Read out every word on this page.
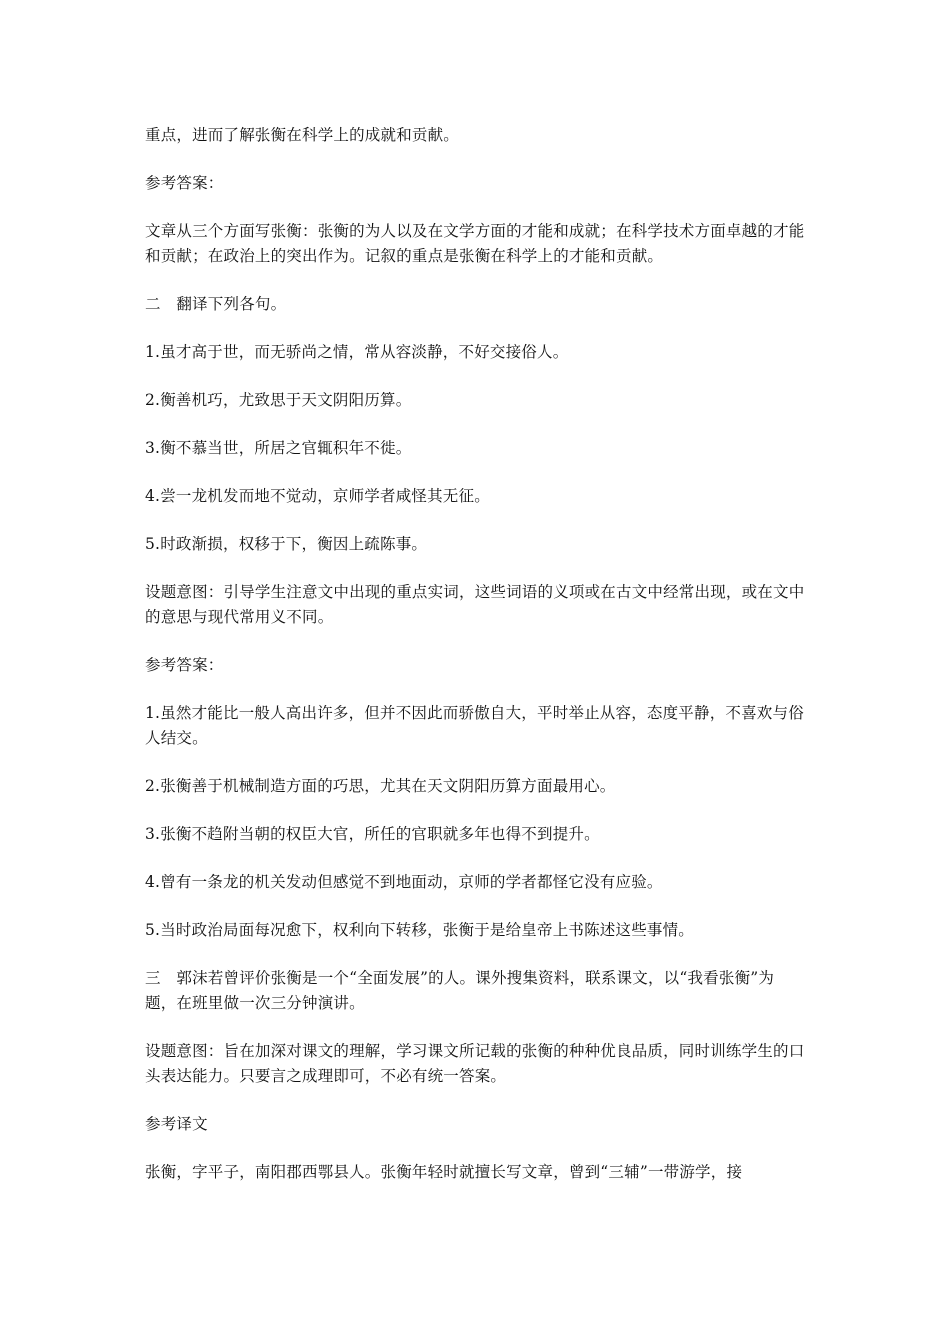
重点，进而了解张衡在科学上的成就和贡献。

参考答案：

文章从三个方面写张衡：张衡的为人以及在文学方面的才能和成就；在科学技术方面卓越的才能和贡献；在政治上的突出作为。记叙的重点是张衡在科学上的才能和贡献。

二　翻译下列各句。

1.虽才高于世，而无骄尚之情，常从容淡静，不好交接俗人。

2.衡善机巧，尤致思于天文阴阳历算。

3.衡不慕当世，所居之官辄积年不徙。

4.尝一龙机发而地不觉动，京师学者咸怪其无征。

5.时政渐损，权移于下，衡因上疏陈事。

设题意图：引导学生注意文中出现的重点实词，这些词语的义项或在古文中经常出现，或在文中的意思与现代常用义不同。

参考答案：

1.虽然才能比一般人高出许多，但并不因此而骄傲自大，平时举止从容，态度平静，不喜欢与俗人结交。

2.张衡善于机械制造方面的巧思，尤其在天文阴阳历算方面最用心。

3.张衡不趋附当朝的权臣大官，所任的官职就多年也得不到提升。

4.曾有一条龙的机关发动但感觉不到地面动，京师的学者都怪它没有应验。

5.当时政治局面每况愈下，权利向下转移，张衡于是给皇帝上书陈述这些事情。

三　郭沫若曾评价张衡是一个“全面发展”的人。课外搜集资料，联系课文，以“我看张衡”为题，在班里做一次三分钟演讲。

设题意图：旨在加深对课文的理解，学习课文所记载的张衡的种种优良品质，同时训练学生的口头表达能力。只要言之成理即可，不必有统一答案。

参考译文

张衡，字平子，南阳郡西鄂县人。张衡年轻时就擅长写文章，曾到“三辅”一带游学，接
